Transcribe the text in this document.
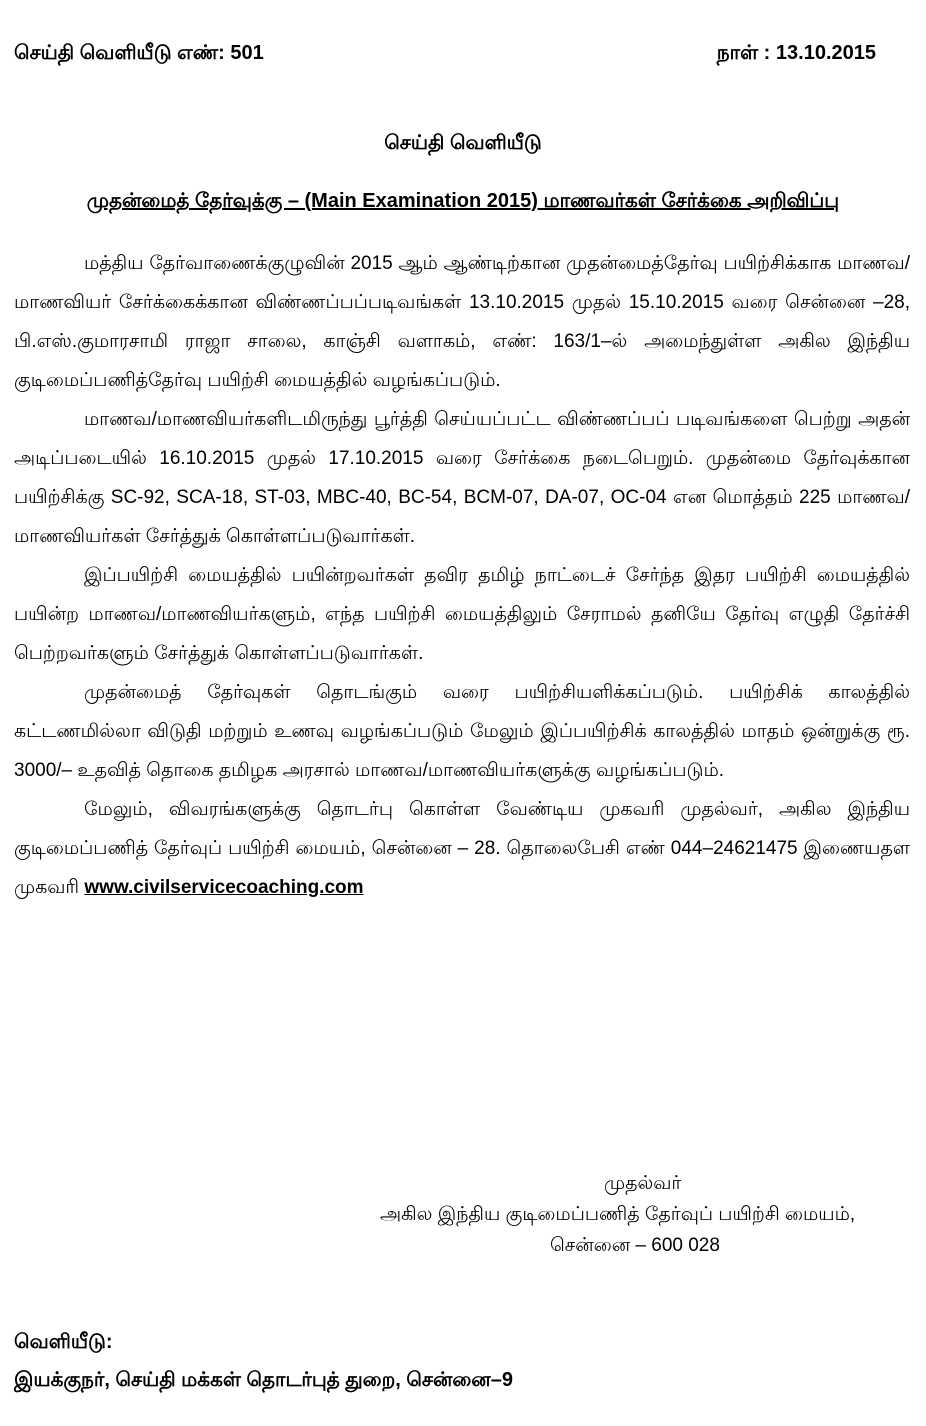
செய்தி வெளியீடு எண்: 501	நாள் : 13.10.2015
செய்தி வெளியீடு
முதன்மைத் தேர்வுக்கு – (Main Examination 2015) மாணவர்கள் சேர்க்கை அறிவிப்பு

மத்திய தேர்வாணைக்குழுவின் 2015 ஆம் ஆண்டிற்கான முதன்மைத்தேர்வு பயிற்சிக்காக மாணவ/மாணவியர் சேர்க்கைக்கான விண்ணப்பப்படிவங்கள் 13.10.2015 முதல் 15.10.2015 வரை சென்னை –28, பி.எஸ்.குமாரசாமி ராஜா சாலை, காஞ்சி வளாகம், எண்: 163/1–ல் அமைந்துள்ள அகில இந்திய குடிமைப்பணித்தேர்வு பயிற்சி மையத்தில் வழங்கப்படும்.

மாணவ/மாணவியர்களிடமிருந்து பூர்த்தி செய்யப்பட்ட விண்ணப்பப் படிவங்களை பெற்று அதன் அடிப்படையில் 16.10.2015 முதல் 17.10.2015 வரை சேர்க்கை நடைபெறும். முதன்மை தேர்வுக்கான பயிற்சிக்கு SC-92, SCA-18, ST-03, MBC-40, BC-54, BCM-07, DA-07, OC-04 என மொத்தம் 225 மாணவ/மாணவியர்கள் சேர்த்துக் கொள்ளப்படுவார்கள்.

இப்பயிற்சி மையத்தில் பயின்றவர்கள் தவிர தமிழ் நாட்டைச் சேர்ந்த இதர பயிற்சி மையத்தில் பயின்ற மாணவ/மாணவியர்களும், எந்த பயிற்சி மையத்திலும் சேராமல் தனியே தேர்வு எழுதி தேர்ச்சி பெற்றவர்களும் சேர்த்துக் கொள்ளப்படுவார்கள்.

முதன்மைத் தேர்வுகள் தொடங்கும் வரை பயிற்சியளிக்கப்படும். பயிற்சிக் காலத்தில் கட்டணமில்லா விடுதி மற்றும் உணவு வழங்கப்படும் மேலும் இப்பயிற்சிக் காலத்தில் மாதம் ஒன்றுக்கு ரூ. 3000/– உதவித் தொகை தமிழக அரசால் மாணவ/மாணவியர்களுக்கு வழங்கப்படும்.

மேலும், விவரங்களுக்கு தொடர்பு கொள்ள வேண்டிய முகவரி முதல்வர், அகில இந்திய குடிமைப்பணித் தேர்வுப் பயிற்சி மையம், சென்னை – 28. தொலைபேசி எண் 044–24621475 இணையதள முகவரி www.civilservicecoaching.com

முதல்வர்
அகில இந்திய குடிமைப்பணித் தேர்வுப் பயிற்சி மையம்,
சென்னை – 600 028
வெளியீடு:
இயக்குநர், செய்தி மக்கள் தொடர்புத் துறை, சென்னை–9
